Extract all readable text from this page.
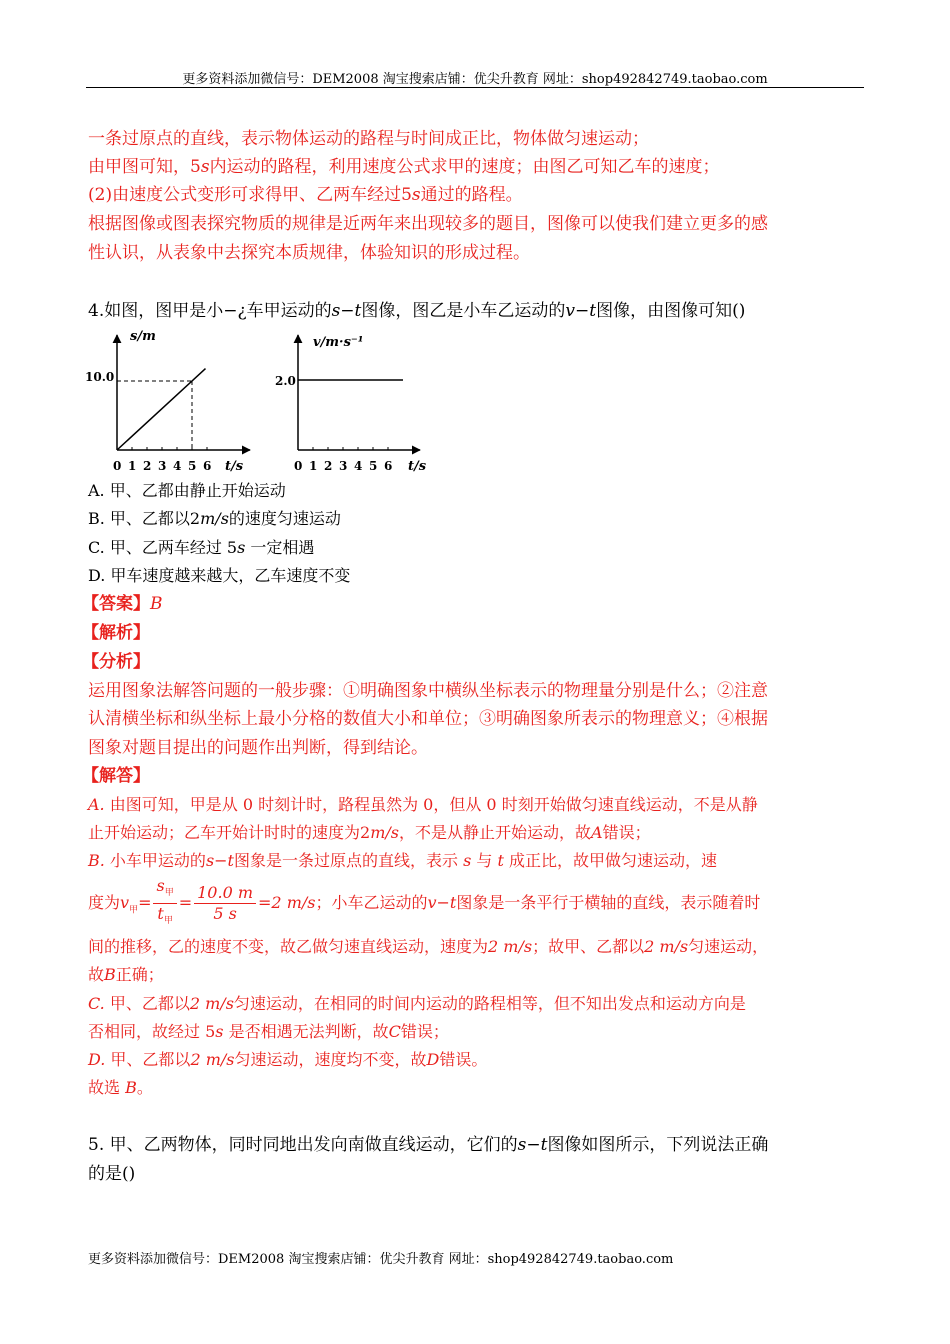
更多资料添加微信号：DEM2008 淘宝搜索店铺：优尖升教育 网址：shop492842749.taobao.com
一条过原点的直线，表示物体运动的路程与时间成正比，物体做匀速运动；
由甲图可知，5s内运动的路程，利用速度公式求甲的速度；由图乙可知乙车的速度；
(2)由速度公式变形可求得甲、乙两车经过5s通过的路程。
根据图像或图表探究物质的规律是近两年来出现较多的题目，图像可以使我们建立更多的感
性认识，从表象中去探究本质规律，体验知识的形成过程。
4.如图，图甲是小−¿车甲运动的s−t图像，图乙是小车乙运动的v−t图像，由图像可知()
s/m
t/s
10.0
0 1 2 3 4 5 6
v/m·s⁻¹
t/s
2.0
0 1 2 3 4 5 6
A. 甲、乙都由静止开始运动
B. 甲、乙都以2m/s的速度匀速运动
C. 甲、乙两车经过 5s 一定相遇
D. 甲车速度越来越大，乙车速度不变
【答案】B
【解析】
【分析】
运用图象法解答问题的一般步骤：①明确图象中横纵坐标表示的物理量分别是什么；②注意
认清横坐标和纵坐标上最小分格的数值大小和单位；③明确图象所表示的物理意义；④根据
图象对题目提出的问题作出判断，得到结论。
【解答】
A. 由图可知，甲是从 0 时刻计时，路程虽然为 0，但从 0 时刻开始做匀速直线运动，不是从静
止开始运动；乙车开始计时时的速度为2m/s，不是从静止开始运动，故A错误；
B. 小车甲运动的s−t图象是一条过原点的直线，表示 s 与 t 成正比，故甲做匀速运动，速
度为$v_甲= \frac{s_甲}{t_甲} = \frac{10.0 m}{5 s} =2$ m/s；小车乙运动的v−t图象是一条平行于横轴的直线，表示随着时
间的推移，乙的速度不变，故乙做匀速直线运动，速度为2 m/s；故甲、乙都以2 m/s匀速运动，
故B正确；
C. 甲、乙都以2 m/s匀速运动，在相同的时间内运动的路程相等，但不知出发点和运动方向是
否相同，故经过 5s 是否相遇无法判断，故C错误；
D. 甲、乙都以2 m/s匀速运动，速度均不变，故D错误。
故选 B。
5. 甲、乙两物体，同时同地出发向南做直线运动，它们的s−t图像如图所示，下列说法正确
的是()
更多资料添加微信号：DEM2008 淘宝搜索店铺：优尖升教育 网址：shop492842749.taobao.com
